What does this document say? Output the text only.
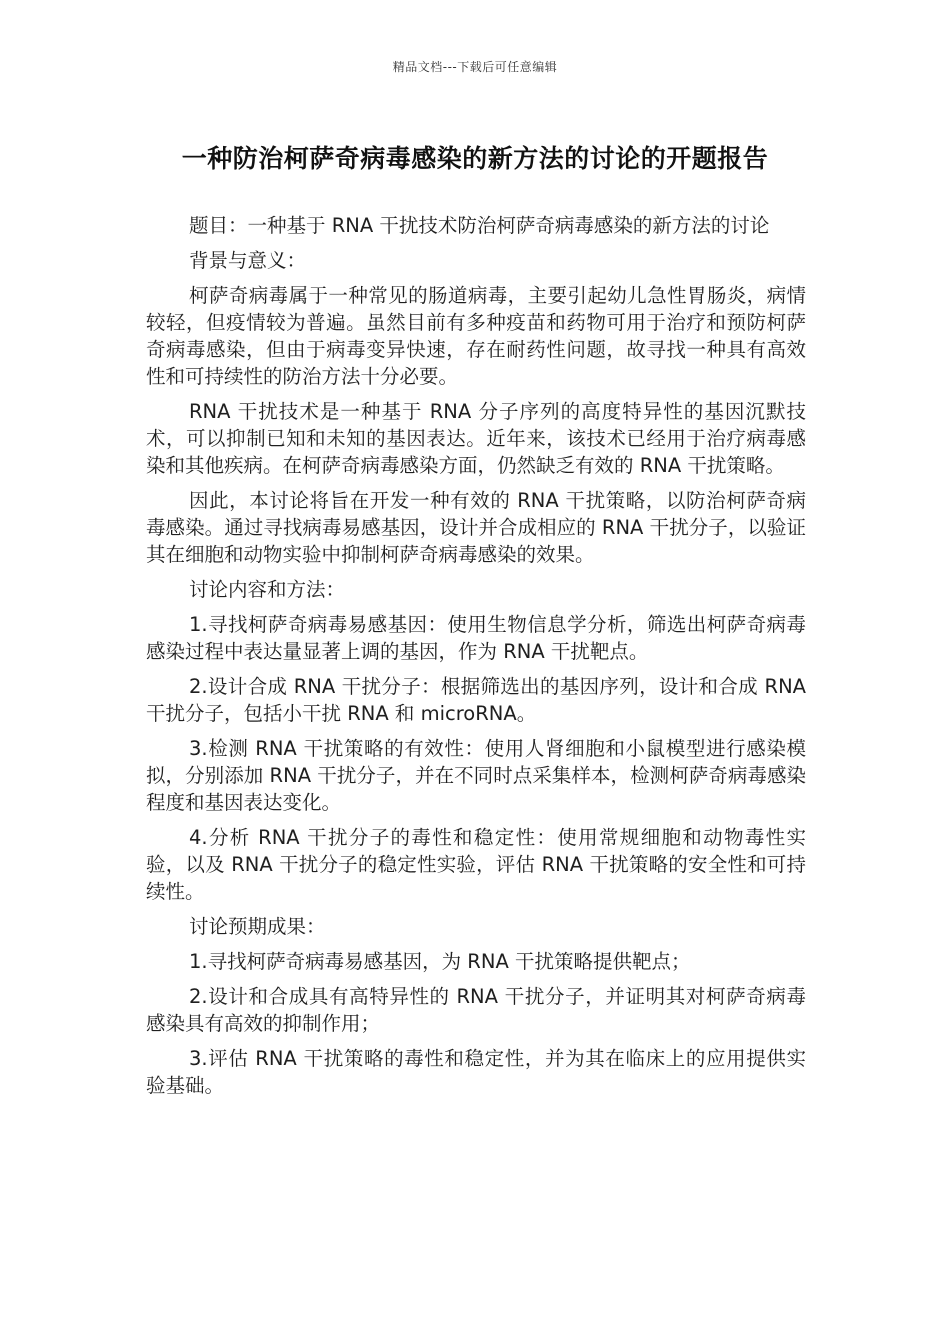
精品文档---下载后可任意编辑
一种防治柯萨奇病毒感染的新方法的讨论的开题报告

题目：一种基于 RNA 干扰技术防治柯萨奇病毒感染的新方法的讨论

背景与意义：

柯萨奇病毒属于一种常见的肠道病毒，主要引起幼儿急性胃肠炎，病情较轻，但疫情较为普遍。虽然目前有多种疫苗和药物可用于治疗和预防柯萨奇病毒感染，但由于病毒变异快速，存在耐药性问题，故寻找一种具有高效性和可持续性的防治方法十分必要。

RNA 干扰技术是一种基于 RNA 分子序列的高度特异性的基因沉默技术，可以抑制已知和未知的基因表达。近年来，该技术已经用于治疗病毒感染和其他疾病。在柯萨奇病毒感染方面，仍然缺乏有效的 RNA 干扰策略。

因此，本讨论将旨在开发一种有效的 RNA 干扰策略，以防治柯萨奇病毒感染。通过寻找病毒易感基因，设计并合成相应的 RNA 干扰分子，以验证其在细胞和动物实验中抑制柯萨奇病毒感染的效果。

讨论内容和方法：

1.寻找柯萨奇病毒易感基因：使用生物信息学分析，筛选出柯萨奇病毒感染过程中表达量显著上调的基因，作为 RNA 干扰靶点。

2.设计合成 RNA 干扰分子：根据筛选出的基因序列，设计和合成 RNA 干扰分子，包括小干扰 RNA 和 microRNA。

3.检测 RNA 干扰策略的有效性：使用人肾细胞和小鼠模型进行感染模拟，分别添加 RNA 干扰分子，并在不同时点采集样本，检测柯萨奇病毒感染程度和基因表达变化。

4.分析 RNA 干扰分子的毒性和稳定性：使用常规细胞和动物毒性实验，以及 RNA 干扰分子的稳定性实验，评估 RNA 干扰策略的安全性和可持续性。

讨论预期成果：

1.寻找柯萨奇病毒易感基因，为 RNA 干扰策略提供靶点；

2.设计和合成具有高特异性的 RNA 干扰分子，并证明其对柯萨奇病毒感染具有高效的抑制作用；

3.评估 RNA 干扰策略的毒性和稳定性，并为其在临床上的应用提供实验基础。
